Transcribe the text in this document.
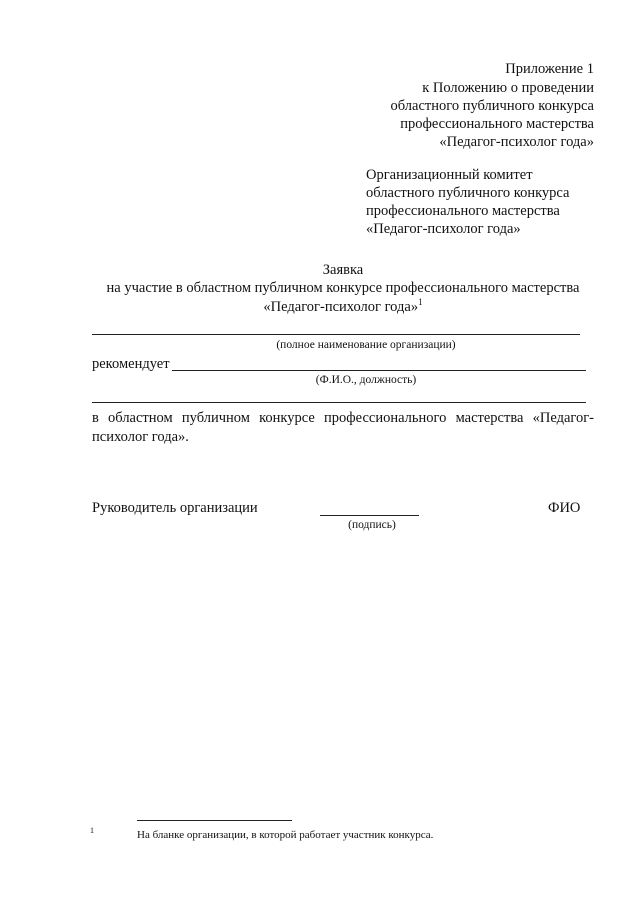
Приложение 1
к Положению о проведении
областного публичного конкурса
профессионального мастерства
«Педагог-психолог года»
Организационный комитет
областного публичного конкурса
профессионального мастерства
«Педагог-психолог года»
Заявка
на участие в областном публичном конкурсе профессионального мастерства
«Педагог-психолог года»$^1$
(полное наименование организации)
рекомендует
(Ф.И.О., должность)
в областном публичном конкурсе профессионального мастерства «Педагог-
психолог года».
Руководитель организации
(подпись)
ФИО
1	На бланке организации, в которой работает участник конкурса.
